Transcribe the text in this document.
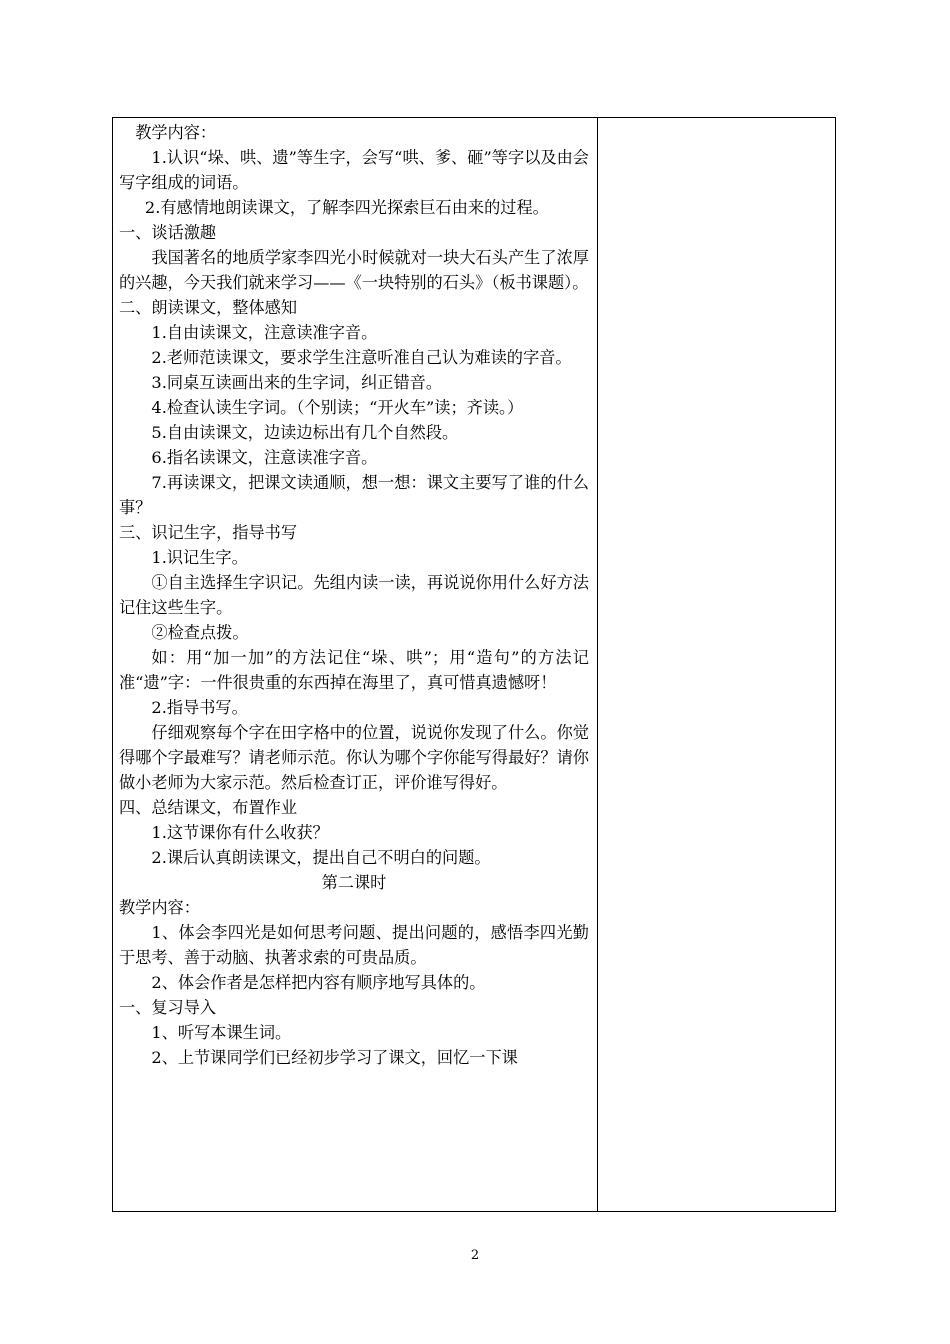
教学内容：

1.认识“垛、哄、遗”等生字，会写“哄、爹、砸”等字以及由会写字组成的词语。

2.有感情地朗读课文，了解李四光探索巨石由来的过程。

一、谈话激趣

我国著名的地质学家李四光小时候就对一块大石头产生了浓厚的兴趣，今天我们就来学习——《一块特别的石头》（板书课题）。

二、朗读课文，整体感知

1.自由读课文，注意读准字音。

2.老师范读课文，要求学生注意听准自己认为难读的字音。

3.同桌互读画出来的生字词，纠正错音。

4.检查认读生字词。（个别读；“开火车”读；齐读。）

5.自由读课文，边读边标出有几个自然段。

6.指名读课文，注意读准字音。

7.再读课文，把课文读通顺，想一想：课文主要写了谁的什么事？

三、识记生字，指导书写

1.识记生字。

①自主选择生字识记。先组内读一读，再说说你用什么好方法记住这些生字。

②检查点拨。

如：用“加一加”的方法记住“垛、哄”；用“造句”的方法记准“遗”字：一件很贵重的东西掉在海里了，真可惜真遗憾呀！

2.指导书写。

仔细观察每个字在田字格中的位置，说说你发现了什么。你觉得哪个字最难写？请老师示范。你认为哪个字你能写得最好？请你做小老师为大家示范。然后检查订正，评价谁写得好。

四、总结课文，布置作业

1.这节课你有什么收获？

2.课后认真朗读课文，提出自己不明白的问题。

第二课时

教学内容：

1、体会李四光是如何思考问题、提出问题的，感悟李四光勤于思考、善于动脑、执著求索的可贵品质。

2、体会作者是怎样把内容有顺序地写具体的。

一、复习导入

1、听写本课生词。

2、上节课同学们已经初步学习了课文，回忆一下课

2
